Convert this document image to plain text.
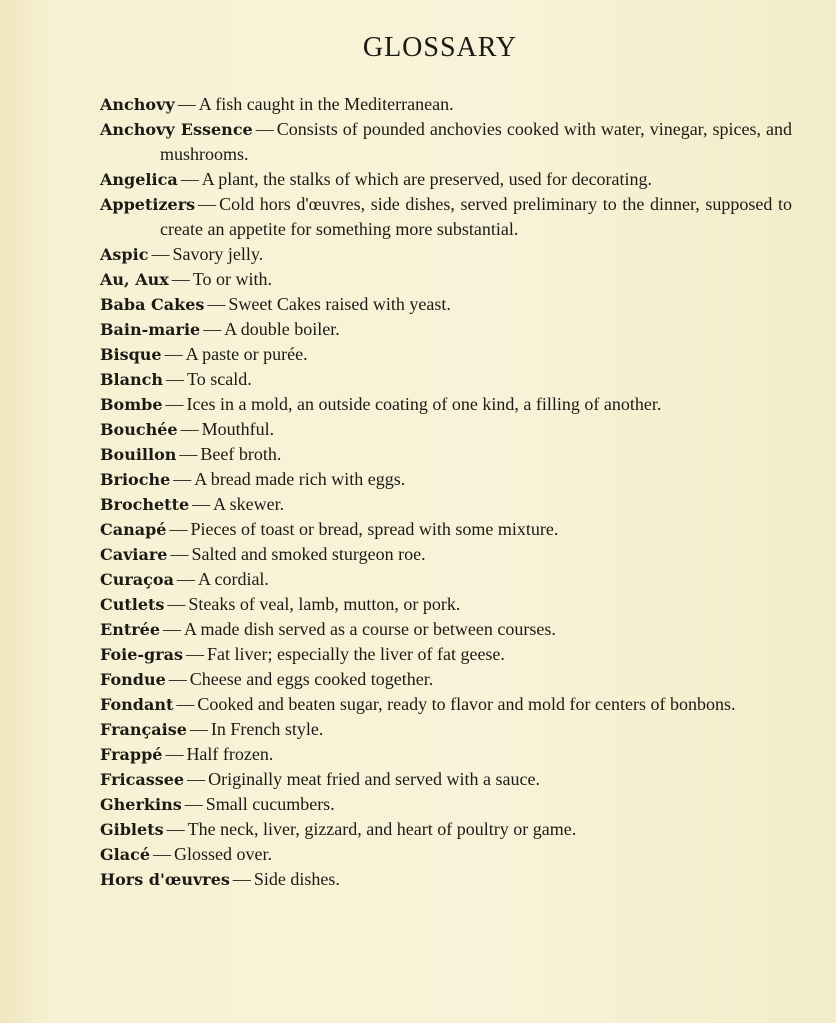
GLOSSARY

Anchovy — A fish caught in the Mediterranean.

Anchovy Essence — Consists of pounded anchovies cooked with water, vinegar, spices, and mushrooms.

Angelica — A plant, the stalks of which are preserved, used for decorating.

Appetizers — Cold hors d'œuvres, side dishes, served preliminary to the dinner, supposed to create an appetite for something more substantial.

Aspic — Savory jelly.

Au, Aux — To or with.

Baba Cakes — Sweet Cakes raised with yeast.

Bain-marie — A double boiler.

Bisque — A paste or purée.

Blanch — To scald.

Bombe — Ices in a mold, an outside coating of one kind, a filling of another.

Bouchée — Mouthful.

Bouillon — Beef broth.

Brioche — A bread made rich with eggs.

Brochette — A skewer.

Canapé — Pieces of toast or bread, spread with some mixture.

Caviare — Salted and smoked sturgeon roe.

Curaçoa — A cordial.

Cutlets — Steaks of veal, lamb, mutton, or pork.

Entrée — A made dish served as a course or between courses.

Foie-gras — Fat liver; especially the liver of fat geese.

Fondue — Cheese and eggs cooked together.

Fondant — Cooked and beaten sugar, ready to flavor and mold for centers of bonbons.

Française — In French style.

Frappé — Half frozen.

Fricassee — Originally meat fried and served with a sauce.

Gherkins — Small cucumbers.

Giblets — The neck, liver, gizzard, and heart of poultry or game.

Glacé — Glossed over.

Hors d'œuvres — Side dishes.
